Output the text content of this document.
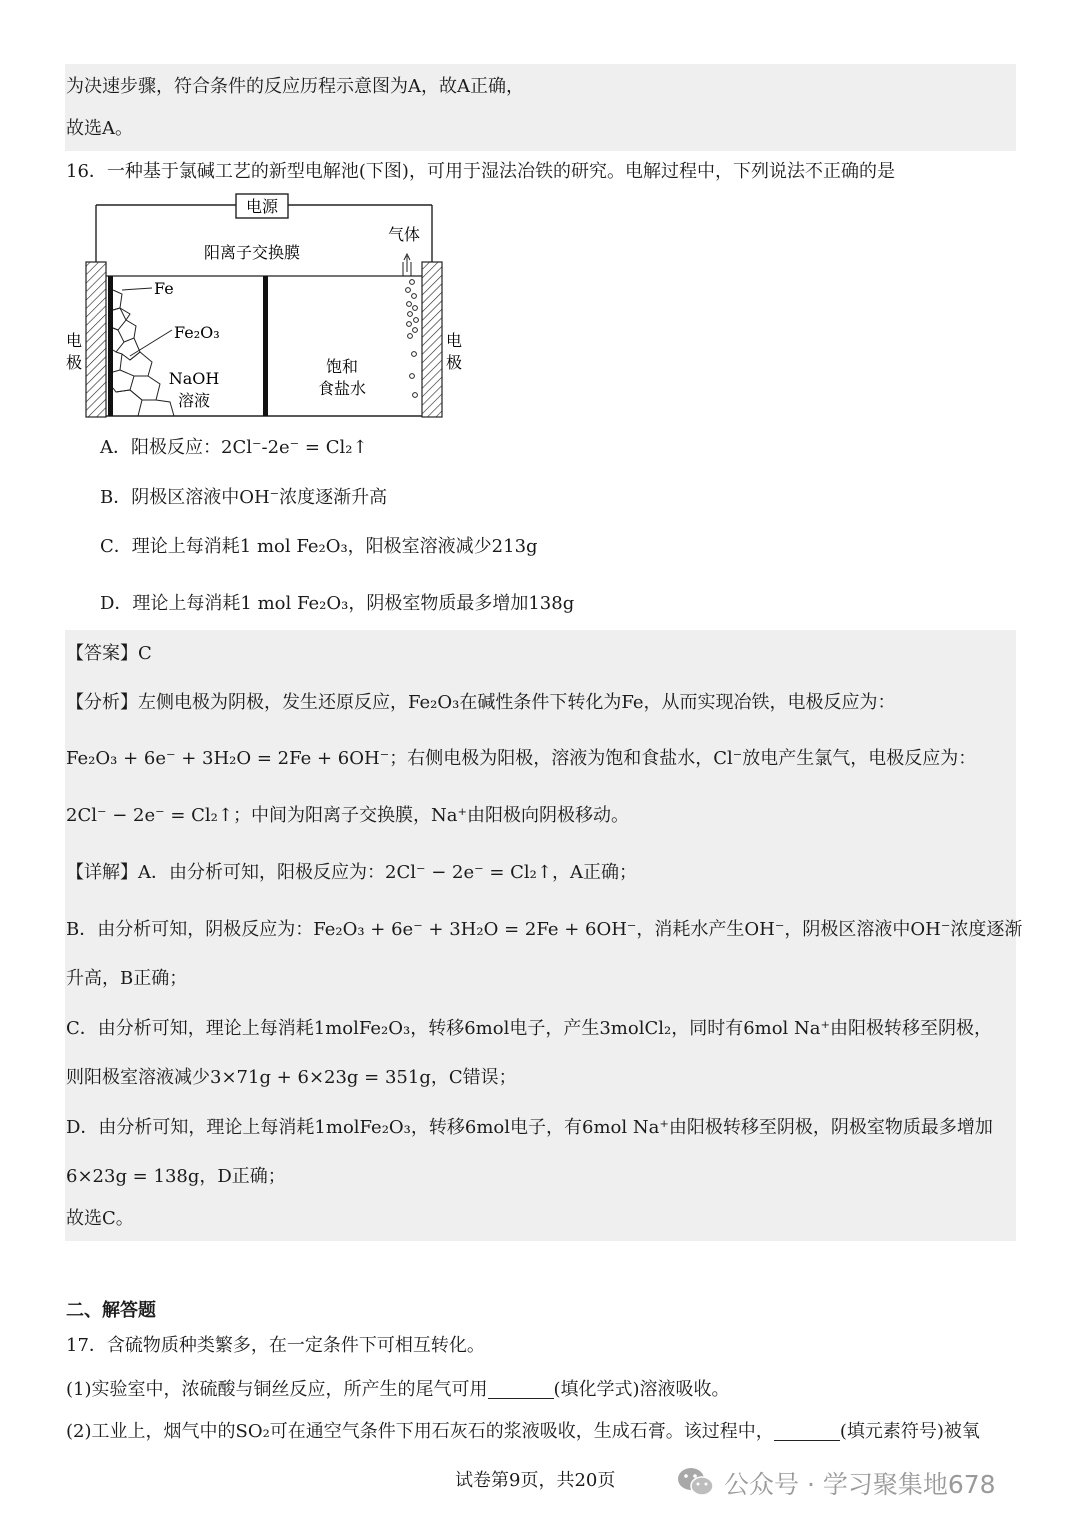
为决速步骤，符合条件的反应历程示意图为A，故A正确，
故选A。
16．一种基于氯碱工艺的新型电解池(下图)，可用于湿法冶铁的研究。电解过程中，下列说法不正确的是
电源
Fe
Fe₂O₃
NaOH
溶液
阳离子交换膜
饱和
食盐水
气体
电
极
电
极
A．阳极反应：2Cl⁻-2e⁻ = Cl₂↑
B．阴极区溶液中OH⁻浓度逐渐升高
C．理论上每消耗1 mol Fe₂O₃，阳极室溶液减少213g
D．理论上每消耗1 mol Fe₂O₃，阴极室物质最多增加138g
【答案】C
【分析】左侧电极为阴极，发生还原反应，Fe₂O₃在碱性条件下转化为Fe，从而实现冶铁，电极反应为：
Fe₂O₃ + 6e⁻ + 3H₂O = 2Fe + 6OH⁻；右侧电极为阳极，溶液为饱和食盐水，Cl⁻放电产生氯气，电极反应为：
2Cl⁻ − 2e⁻ = Cl₂↑；中间为阳离子交换膜，Na⁺由阳极向阴极移动。
【详解】A．由分析可知，阳极反应为：2Cl⁻ − 2e⁻ = Cl₂↑，A正确；
B．由分析可知，阴极反应为：Fe₂O₃ + 6e⁻ + 3H₂O = 2Fe + 6OH⁻，消耗水产生OH⁻，阴极区溶液中OH⁻浓度逐渐
升高，B正确；
C．由分析可知，理论上每消耗1molFe₂O₃，转移6mol电子，产生3molCl₂，同时有6mol Na⁺由阳极转移至阴极，
则阳极室溶液减少3×71g + 6×23g = 351g，C错误；
D．由分析可知，理论上每消耗1molFe₂O₃，转移6mol电子，有6mol Na⁺由阳极转移至阴极，阴极室物质最多增加
6×23g = 138g，D正确；
故选C。
二、解答题
17．含硫物质种类繁多，在一定条件下可相互转化。
(1)实验室中，浓硫酸与铜丝反应，所产生的尾气可用	(填化学式)溶液吸收。
(2)工业上，烟气中的SO₂可在通空气条件下用石灰石的浆液吸收，生成石膏。该过程中，	(填元素符号)被氧
试卷第9页，共20页	公众号 · 学习聚集地678
